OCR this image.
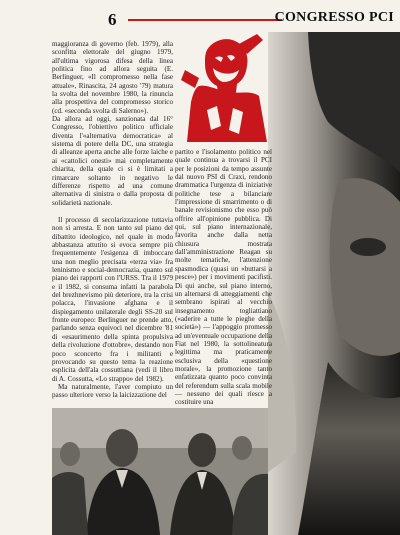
6	CONGRESSO PCI

maggioranza di governo (feb. 1979), alla sconfitta elettorale del giugno 1979, all'ultima vigorosa difesa della linea politica fino ad allora seguita (E. Berlinguer, «Il compromesso nella fase attuale», Rinascita, 24 agosto '79) matura la svolta del novembre 1980, la rinuncia alla prospettiva del compromesso storico (cd. «seconda svolta di Salerno»).

Da allora ad oggi, sanzionata dal 16° Congresso, l'obiettivo politico ufficiale diventa l'«alternativa democratica» al sistema di potere della DC, una strategia di alleanze aperta anche alle forze laiche e ai «cattolici onesti» mai completamente chiarita, della quale ci si è limitati a rimarcare soltanto in negativo le differenze rispetto ad una comune alternativa di sinistra o dalla proposta di solidarietà nazionale.

Il processo di secolarizzazione tuttavia non si arresta. E non tanto sul piano del dibattito ideologico, nel quale in modo abbastanza attutito si evoca sempre più frequentemente l'esigenza di imboccare una non meglio precisata «terza via» fra leninismo e social-democrazia, quanto sul piano dei rapporti con l'URSS. Tra il 1979 e il 1982, si consuma infatti la parabola del brezhnevismo più deteriore, tra la crisi polacca, l'invasione afghana e il dispiegamento unilaterale degli SS-20 sul fronte europeo: Berlinguer ne prende atto, parlando senza equivoci nel dicembre '81 di «esaurimento della spinta propulsiva della rivoluzione d'ottobre», destando non poco sconcerto fra i militanti e provocando su questo tema la reazione esplicita dell'ala cossuttiana (vedi il libro di A. Cossutta, «Lo strappo» del 1982).

Ma naturalmente, l'aver compiuto un passo ulteriore verso la laicizzazione del

partito e l'isolamento politico nel quale continua a trovarsi il PCI per le posizioni da tempo assunte dal nuovo PSI di Craxi, rendono drammatica l'urgenza di iniziative politiche tese a bilanciare l'impressione di smarrimento o di banale revisionismo che esso può offrire all'opinione pubblica. Di qui, sul piano internazionale, favorita anche dalla netta chiusura mostrata dall'amministrazione Reagan su molte tematiche, l'attenzione spasmodica (quasi un «buttarsi a pesce») per i movimenti pacifisti. Di qui anche, sul piano interno, un alternarsi di atteggiamenti che sembrano ispirati al vecchio insegnamento togliattiano («aderire a tutte le pieghe della società») — l'appoggio promesso ad un'eventuale occupazione della Fiat nel 1980, la sottolineatura legittima ma praticamente esclusiva della «questione morale», la promozione tanto enfatizzata quanto poco convinta del referendum sulla scala mobile — nessuno dei quali riesce a costituire una
